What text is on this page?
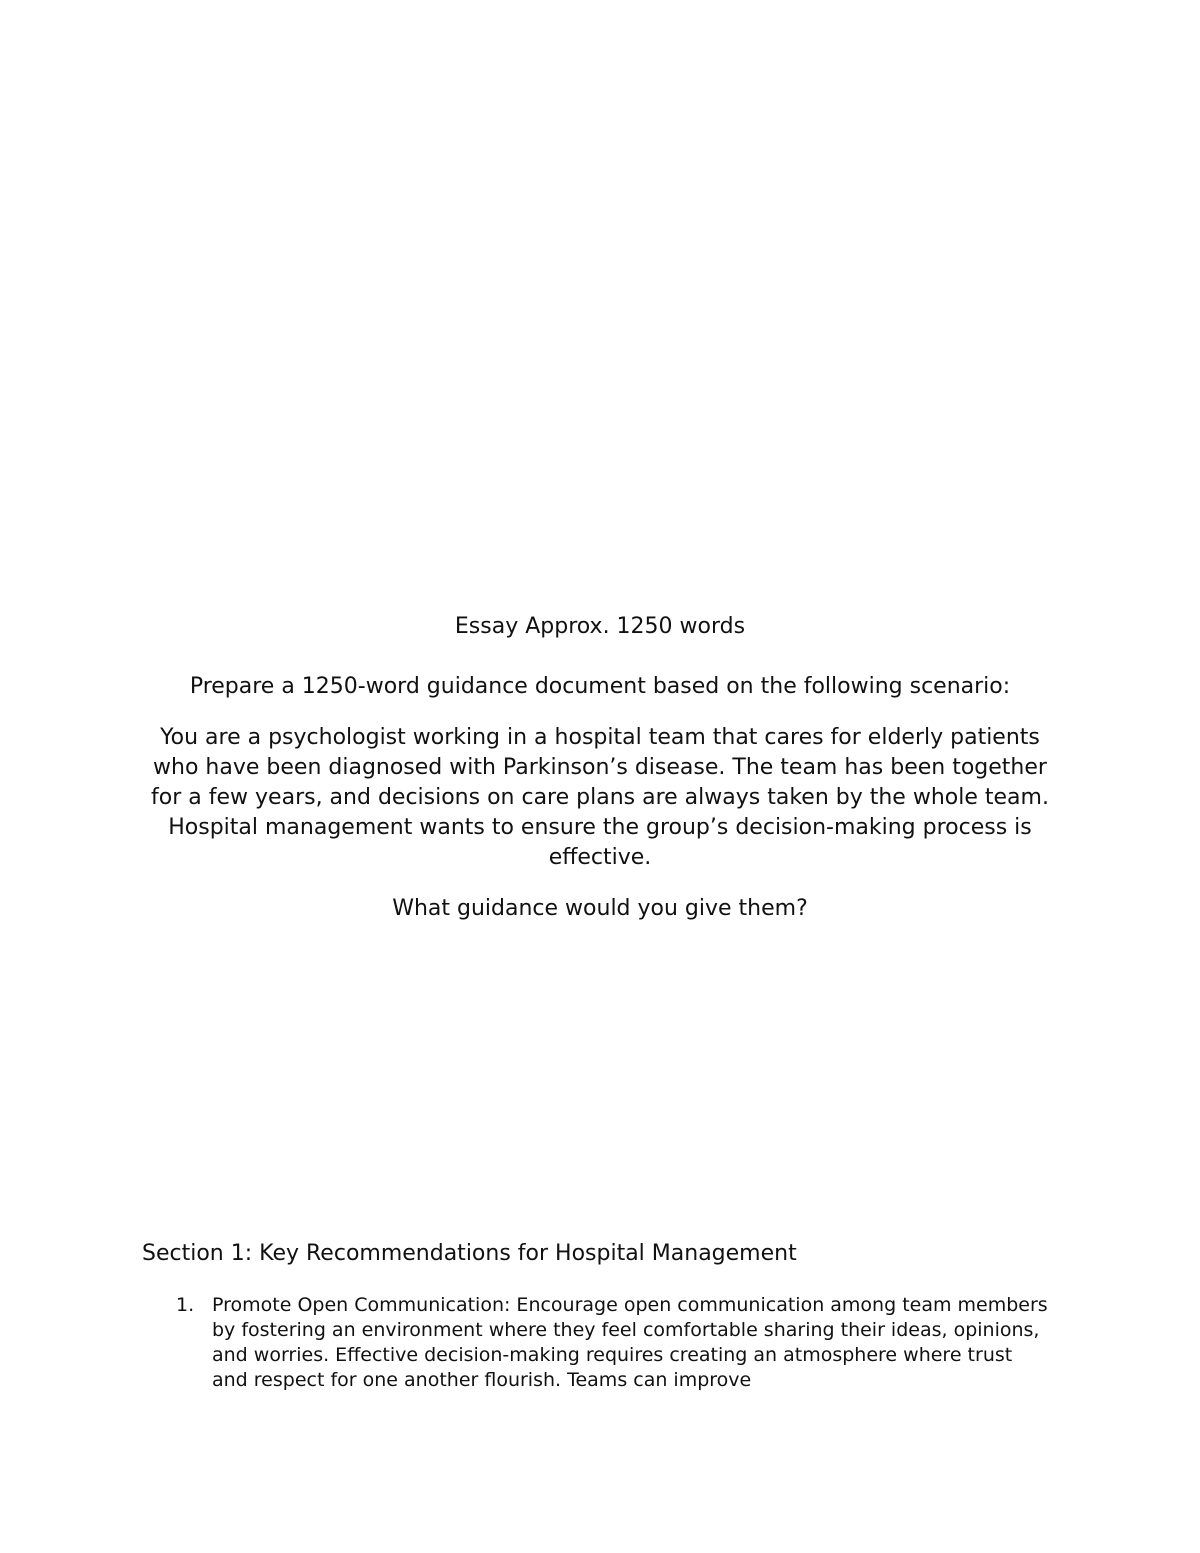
Essay Approx. 1250 words
Prepare a 1250-word guidance document based on the following scenario:
You are a psychologist working in a hospital team that cares for elderly patients who have been diagnosed with Parkinson’s disease. The team has been together for a few years, and decisions on care plans are always taken by the whole team. Hospital management wants to ensure the group’s decision-making process is effective.
What guidance would you give them?
Section 1: Key Recommendations for Hospital Management
1. Promote Open Communication: Encourage open communication among team members by fostering an environment where they feel comfortable sharing their ideas, opinions, and worries. Effective decision-making requires creating an atmosphere where trust and respect for one another flourish. Teams can improve
